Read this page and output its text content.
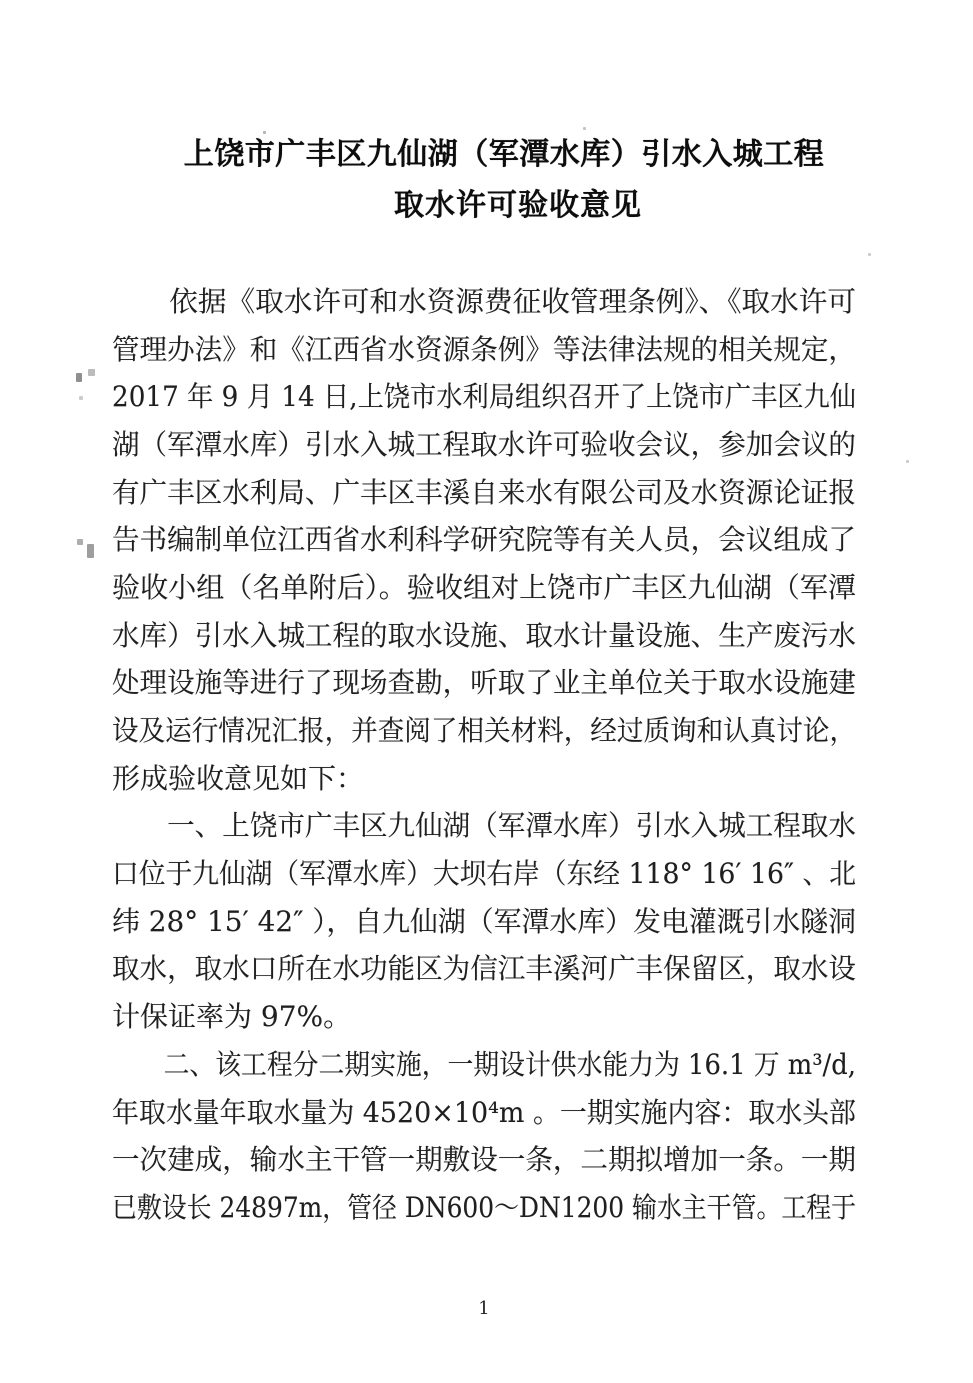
上饶市广丰区九仙湖（军潭水库）引水入城工程
取水许可验收意见
　　依据《取水许可和水资源费征收管理条例》、《取水许可
管理办法》和《江西省水资源条例》等法律法规的相关规定，
2017 年 9 月 14 日,上饶市水利局组织召开了上饶市广丰区九仙
湖（军潭水库）引水入城工程取水许可验收会议，参加会议的
有广丰区水利局、广丰区丰溪自来水有限公司及水资源论证报
告书编制单位江西省水利科学研究院等有关人员，会议组成了
验收小组（名单附后）。验收组对上饶市广丰区九仙湖（军潭
水库）引水入城工程的取水设施、取水计量设施、生产废污水
处理设施等进行了现场查勘，听取了业主单位关于取水设施建
设及运行情况汇报，并查阅了相关材料，经过质询和认真讨论，
形成验收意见如下：
　　一、上饶市广丰区九仙湖（军潭水库）引水入城工程取水
口位于九仙湖（军潭水库）大坝右岸（东经 118° 16′ 16″ 、北
纬 28° 15′ 42″ ），自九仙湖（军潭水库）发电灌溉引水隧洞
取水，取水口所在水功能区为信江丰溪河广丰保留区，取水设
计保证率为 97%。
　　二、该工程分二期实施，一期设计供水能力为 16.1 万 m³/d,
年取水量年取水量为 4520×10⁴m 。一期实施内容：取水头部
一次建成，输水主干管一期敷设一条，二期拟增加一条。一期
已敷设长 24897m，管径 DN600～DN1200 输水主干管。工程于
1
